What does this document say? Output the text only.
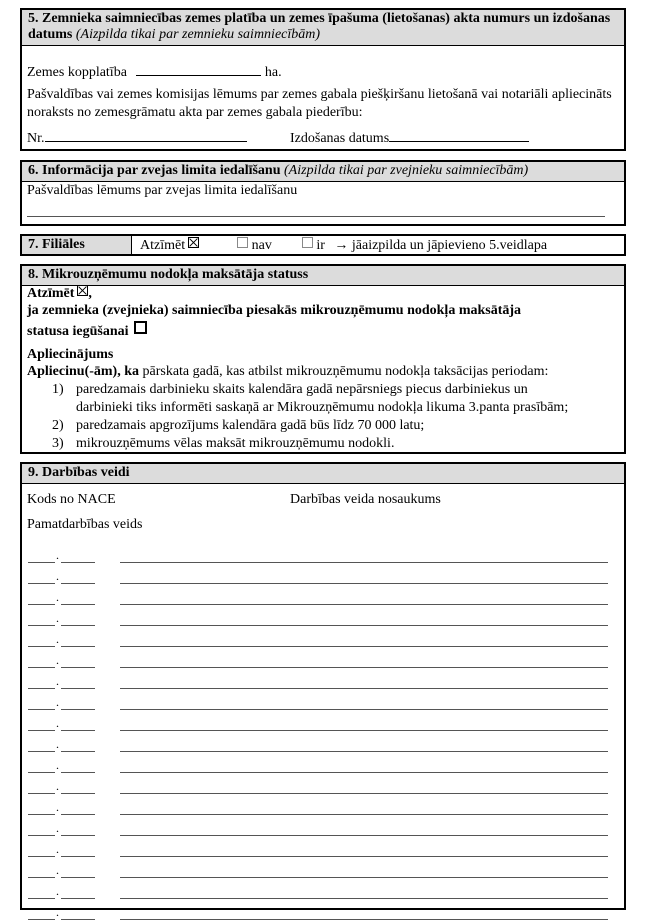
5. Zemnieka saimniecības zemes platība un zemes īpašuma (lietošanas) akta numurs un izdošanas datums (Aizpilda tikai par zemnieku saimniecībām)
Zemes kopplatība	ha.
Pašvaldības vai zemes komisijas lēmums par zemes gabala piešķiršanu lietošanā vai notariāli apliecināts noraksts no zemesgrāmatu akta par zemes gabala piederību:
Nr.	Izdošanas datums
6. Informācija par zvejas limita iedalīšanu (Aizpilda tikai par zvejnieku saimniecībām)
Pašvaldības lēmums par zvejas limita iedalīšanu
7. Filiāles	Atzīmēt	nav	ir → jāaizpilda un jāpievieno 5.veidlapa
8. Mikrouzņēmumu nodokļa maksātāja statuss
Atzīmēt ,
ja zemnieka (zvejnieka) saimniecība piesakās mikrouzņēmumu nodokļa maksātāja
statusa iegūšanai
Apliecinājums
Apliecinu(-ām), ka pārskata gadā, kas atbilst mikrouzņēmumu nodokļa taksācijas periodam:
1) paredzamais darbinieku skaits kalendāra gadā nepārsniegs piecus darbiniekus un
darbinieki tiks informēti saskaņā ar Mikrouzņēmumu nodokļa likuma 3.panta prasībām;
2) paredzamais apgrozījums kalendāra gadā būs līdz 70 000 latu;
3) mikrouzņēmums vēlas maksāt mikrouzņēmumu nodokli.
9. Darbības veidi
Kods no NACE	Darbības veida nosaukums
Pamatdarbības veids
.
.
.
.
.
.
.
.
.
.
.
.
.
.
.
.
.
.
